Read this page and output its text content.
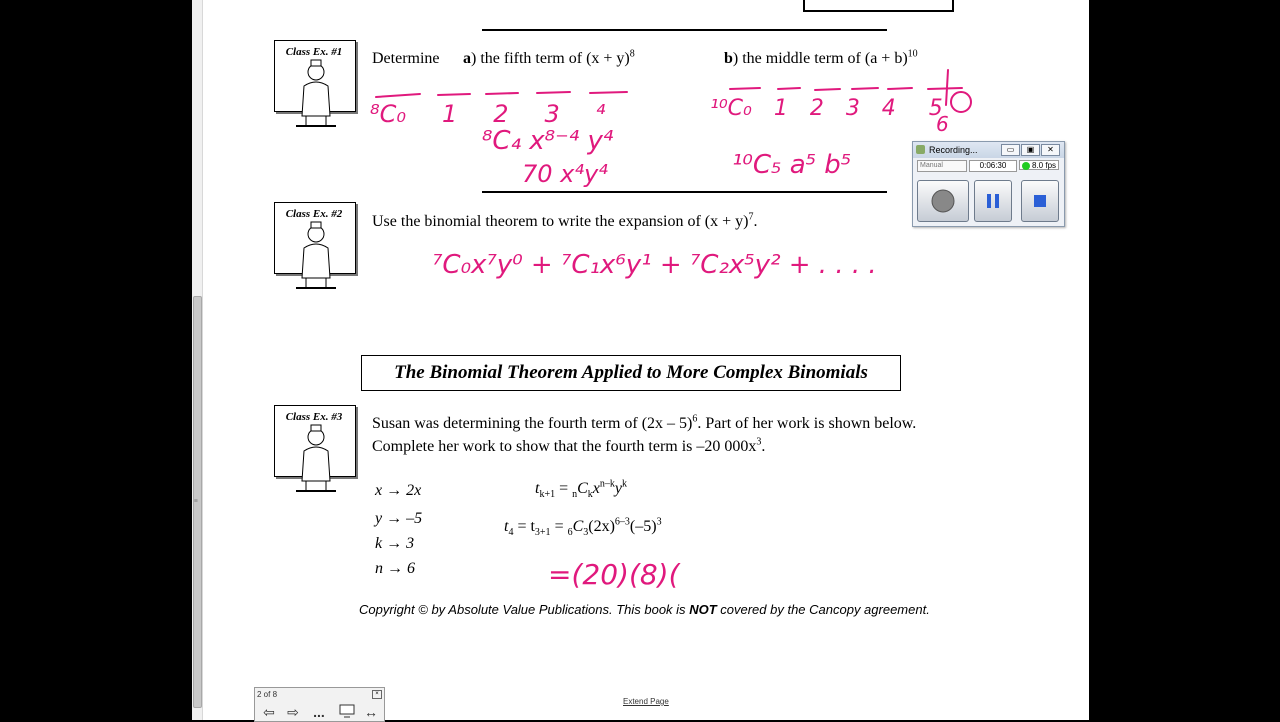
≡
Class Ex. #1
Class Ex. #2
Class Ex. #3
Determine a) the fifth term of $(x + y)^8$	b) the middle term of $(a + b)^{10}$
Use the binomial theorem to write the expansion of $(x + y)^7$.
The Binomial Theorem Applied to More Complex Binomials
Susan was determining the fourth term of (2x – 5)$^6$. Part of her work is shown below.
Complete her work to show that the fourth term is –20 $000x^3$.
x → 2x
y → –5
k → 3
n → 6
$t_{k+1} = _nC_kx^{n-k}y^k$
$t_4 = t_{3+1} = _6C_3(2x)^{6-3}(-5)^3$
Copyright © by Absolute Value Publications. This book is NOT covered by the Cancopy agreement.
⁸C₀  1  2  3  ⁴
⁸C₄ x⁸⁻⁴ y⁴
70 x⁴y⁴
¹⁰C₀ 1 2 3 4  5
¹⁰C₅ a⁵ b⁵
6
⁷C₀x⁷y⁰ + ⁷C₁x⁶y¹ + ⁷C₂x⁵y² + . . . .
=(20)(8)(
Recording...	▭	▣	✕
Manual	0:06:30	8.0 fps
2 of 8	×
⇦ ⇨ ...	↔
Extend Page
